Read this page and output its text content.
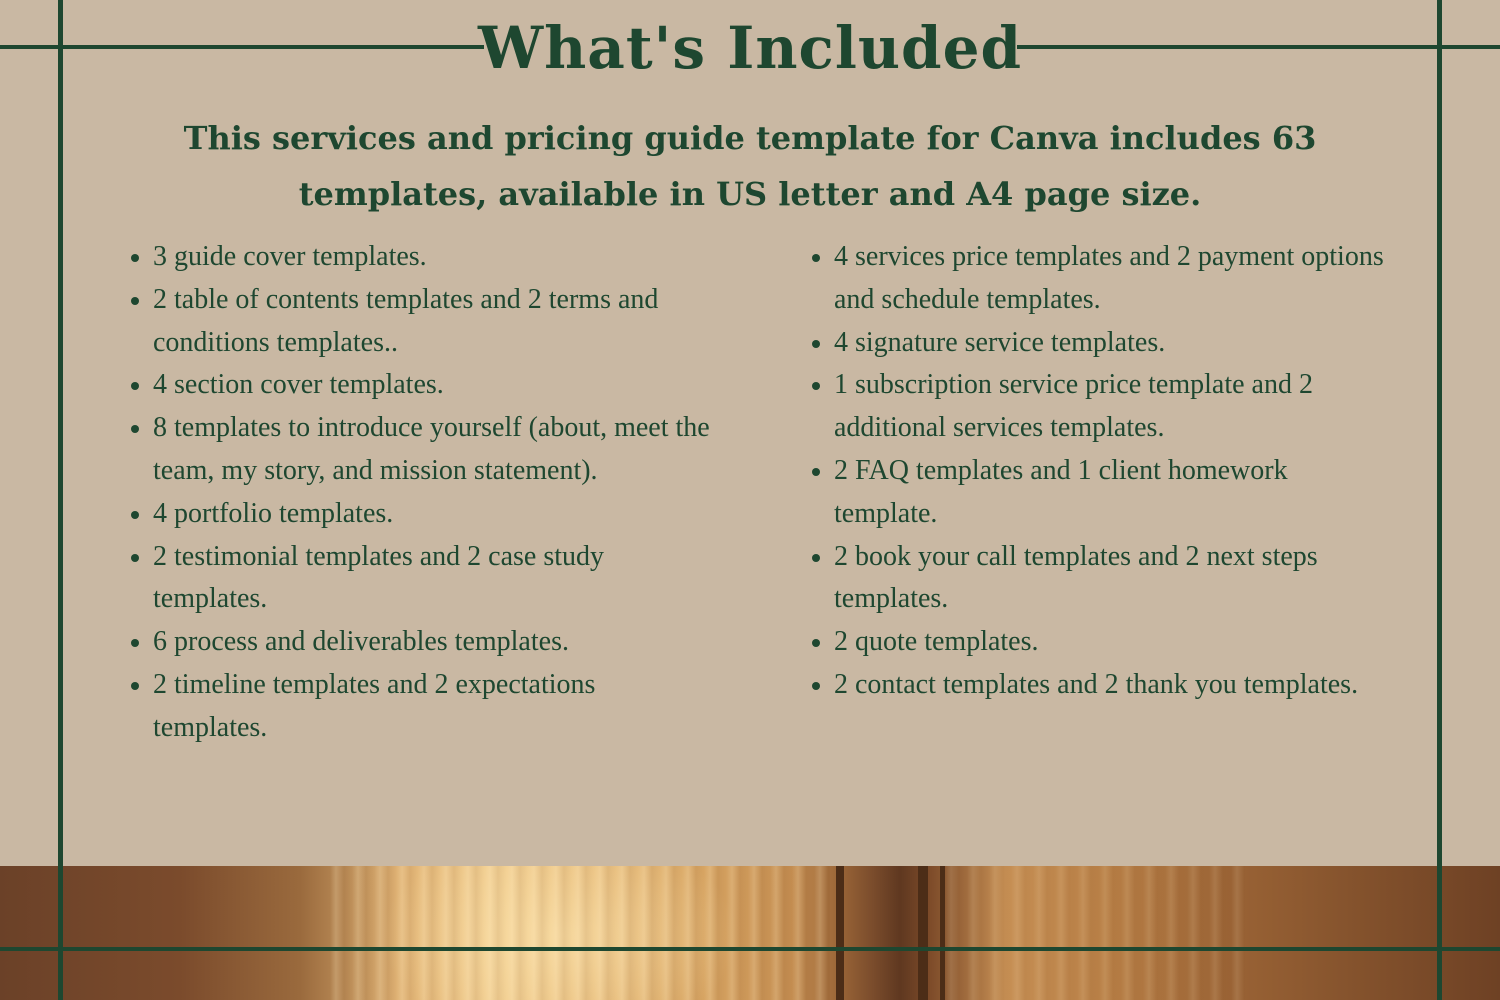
What's Included

This services and pricing guide template for Canva includes 63 templates, available in US letter and A4 page size.

3 guide cover templates.
2 table of contents templates and 2 terms and conditions templates..
4 section cover templates.
8 templates to introduce yourself (about, meet the team, my story, and mission statement).
4 portfolio templates.
2 testimonial templates and 2 case study templates.
6 process and deliverables templates.
2 timeline templates and 2 expectations templates.
4 services price templates and 2 payment options and schedule templates.
4 signature service templates.
1 subscription service price template and 2 additional services templates.
2 FAQ templates and 1 client homework template.
2 book your call templates and 2 next steps templates.
2 quote templates.
2 contact templates and 2 thank you templates.
